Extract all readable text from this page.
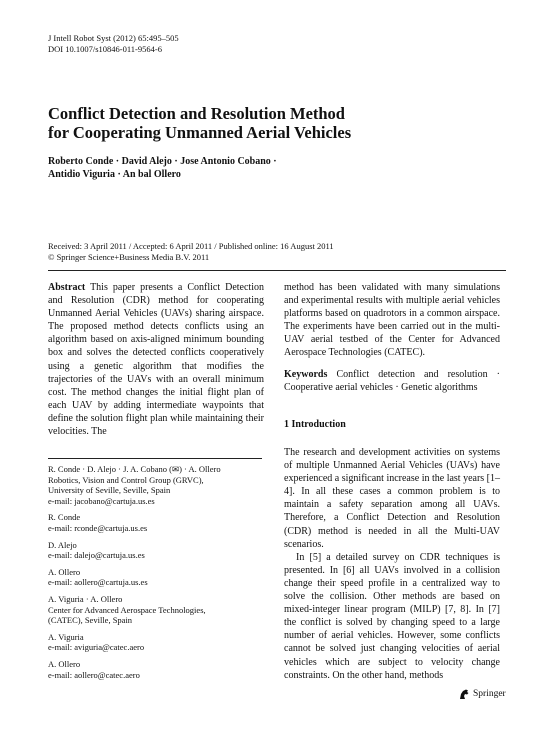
J Intell Robot Syst (2012) 65:495–505
DOI 10.1007/s10846-011-9564-6
Conflict Detection and Resolution Method
for Cooperating Unmanned Aerial Vehicles
Roberto Conde · David Alejo · Jose Antonio Cobano ·
Antidio Viguria · An bal Ollero
Received: 3 April 2011 / Accepted: 6 April 2011 / Published online: 16 August 2011
© Springer Science+Business Media B.V. 2011

Abstract This paper presents a Conflict Detection and Resolution (CDR) method for cooperating Unmanned Aerial Vehicles (UAVs) sharing airspace. The proposed method detects conflicts using an algorithm based on axis-aligned minimum bounding box and solves the detected conflicts cooperatively using a genetic algorithm that modifies the trajectories of the UAVs with an overall minimum cost. The method changes the initial flight plan of each UAV by adding intermediate waypoints that define the solution flight plan while maintaining their velocities. The

R. Conde · D. Alejo · J. A. Cobano (✉) · A. Ollero
Robotics, Vision and Control Group (GRVC),
University of Seville, Seville, Spain
e-mail: jacobano@cartuja.us.es
R. Conde
e-mail: rconde@cartuja.us.es
D. Alejo
e-mail: dalejo@cartuja.us.es
A. Ollero
e-mail: aollero@cartuja.us.es
A. Viguria · A. Ollero
Center for Advanced Aerospace Technologies,
(CATEC), Seville, Spain
A. Viguria
e-mail: aviguria@catec.aero
A. Ollero
e-mail: aollero@catec.aero

method has been validated with many simulations and experimental results with multiple aerial vehicles platforms based on quadrotors in a common airspace. The experiments have been carried out in the multi-UAV aerial testbed of the Center for Advanced Aerospace Technologies (CATEC).

Keywords Conflict detection and resolution · Cooperative aerial vehicles · Genetic algorithms

1 Introduction

The research and development activities on systems of multiple Unmanned Aerial Vehicles (UAVs) have experienced a significant increase in the last years [1–4]. In all these cases a common problem is to maintain a safety separation among all UAVs. Therefore, a Conflict Detection and Resolution (CDR) method is needed in all the Multi-UAV scenarios.

In [5] a detailed survey on CDR techniques is presented. In [6] all UAVs involved in a collision change their speed profile in a centralized way to solve the collision. Other methods are based on mixed-integer linear program (MILP) [7, 8]. In [7] the conflict is solved by changing speed to a large number of aerial vehicles. However, some conflicts cannot be solved just changing velocities of aerial vehicles which are subject to velocity change constraints. On the other hand, methods

Springer
